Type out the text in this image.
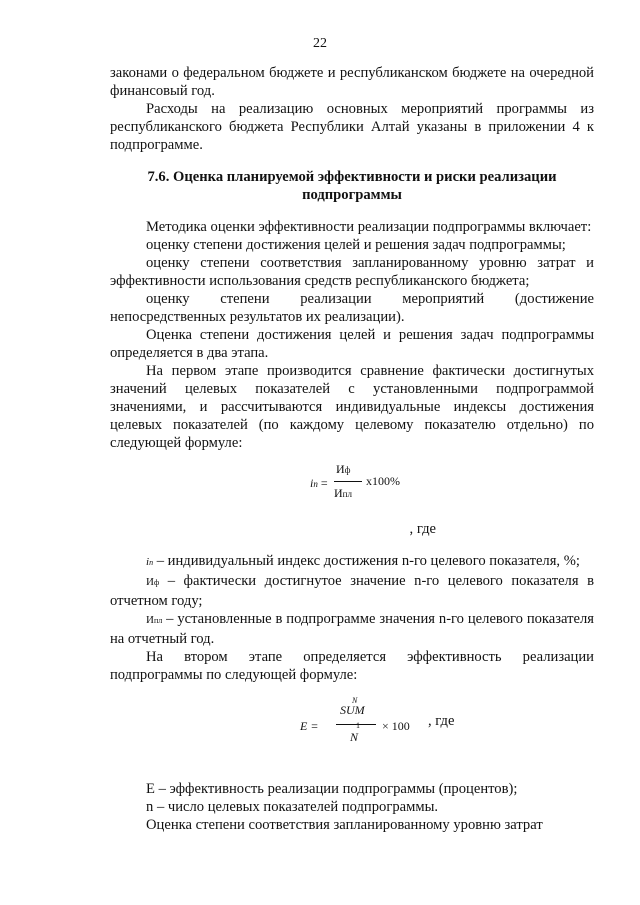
22

законами о федеральном бюджете и республиканском бюджете на очередной финансовый год.

Расходы на реализацию основных мероприятий программы из республиканского бюджета Республики Алтай указаны в приложении 4 к подпрограмме.

7.6. Оценка планируемой эффективности и риски реализации подпрограммы

Методика оценки эффективности реализации подпрограммы включает:

оценку степени достижения целей и решения задач подпрограммы;

оценку степени соответствия запланированному уровню затрат и эффективности использования средств республиканского бюджета;

оценку степени реализации мероприятий (достижение непосредственных результатов их реализации).

Оценка степени достижения целей и решения задач подпрограммы определяется в два этапа.

На первом этапе производится сравнение фактически достигнутых значений целевых показателей с установленными подпрограммой значениями, и рассчитываются индивидуальные индексы достижения целевых показателей (по каждому целевому показателю отдельно) по следующей формуле:

in =
Иф
x100%
Ипл

, где

in – индивидуальный индекс достижения n-го целевого показателя, %;

Иф – фактически достигнутое значение n-го целевого показателя в отчетном году;

Ипл – установленные в подпрограмме значения n-го целевого показателя на отчетный год.

На втором этапе определяется эффективность реализации подпрограммы по следующей формуле:

E =
N
SUM
1
N
× 100 , где

Е – эффективность реализации подпрограммы (процентов);

n – число целевых показателей подпрограммы.

Оценка степени соответствия запланированному уровню затрат
